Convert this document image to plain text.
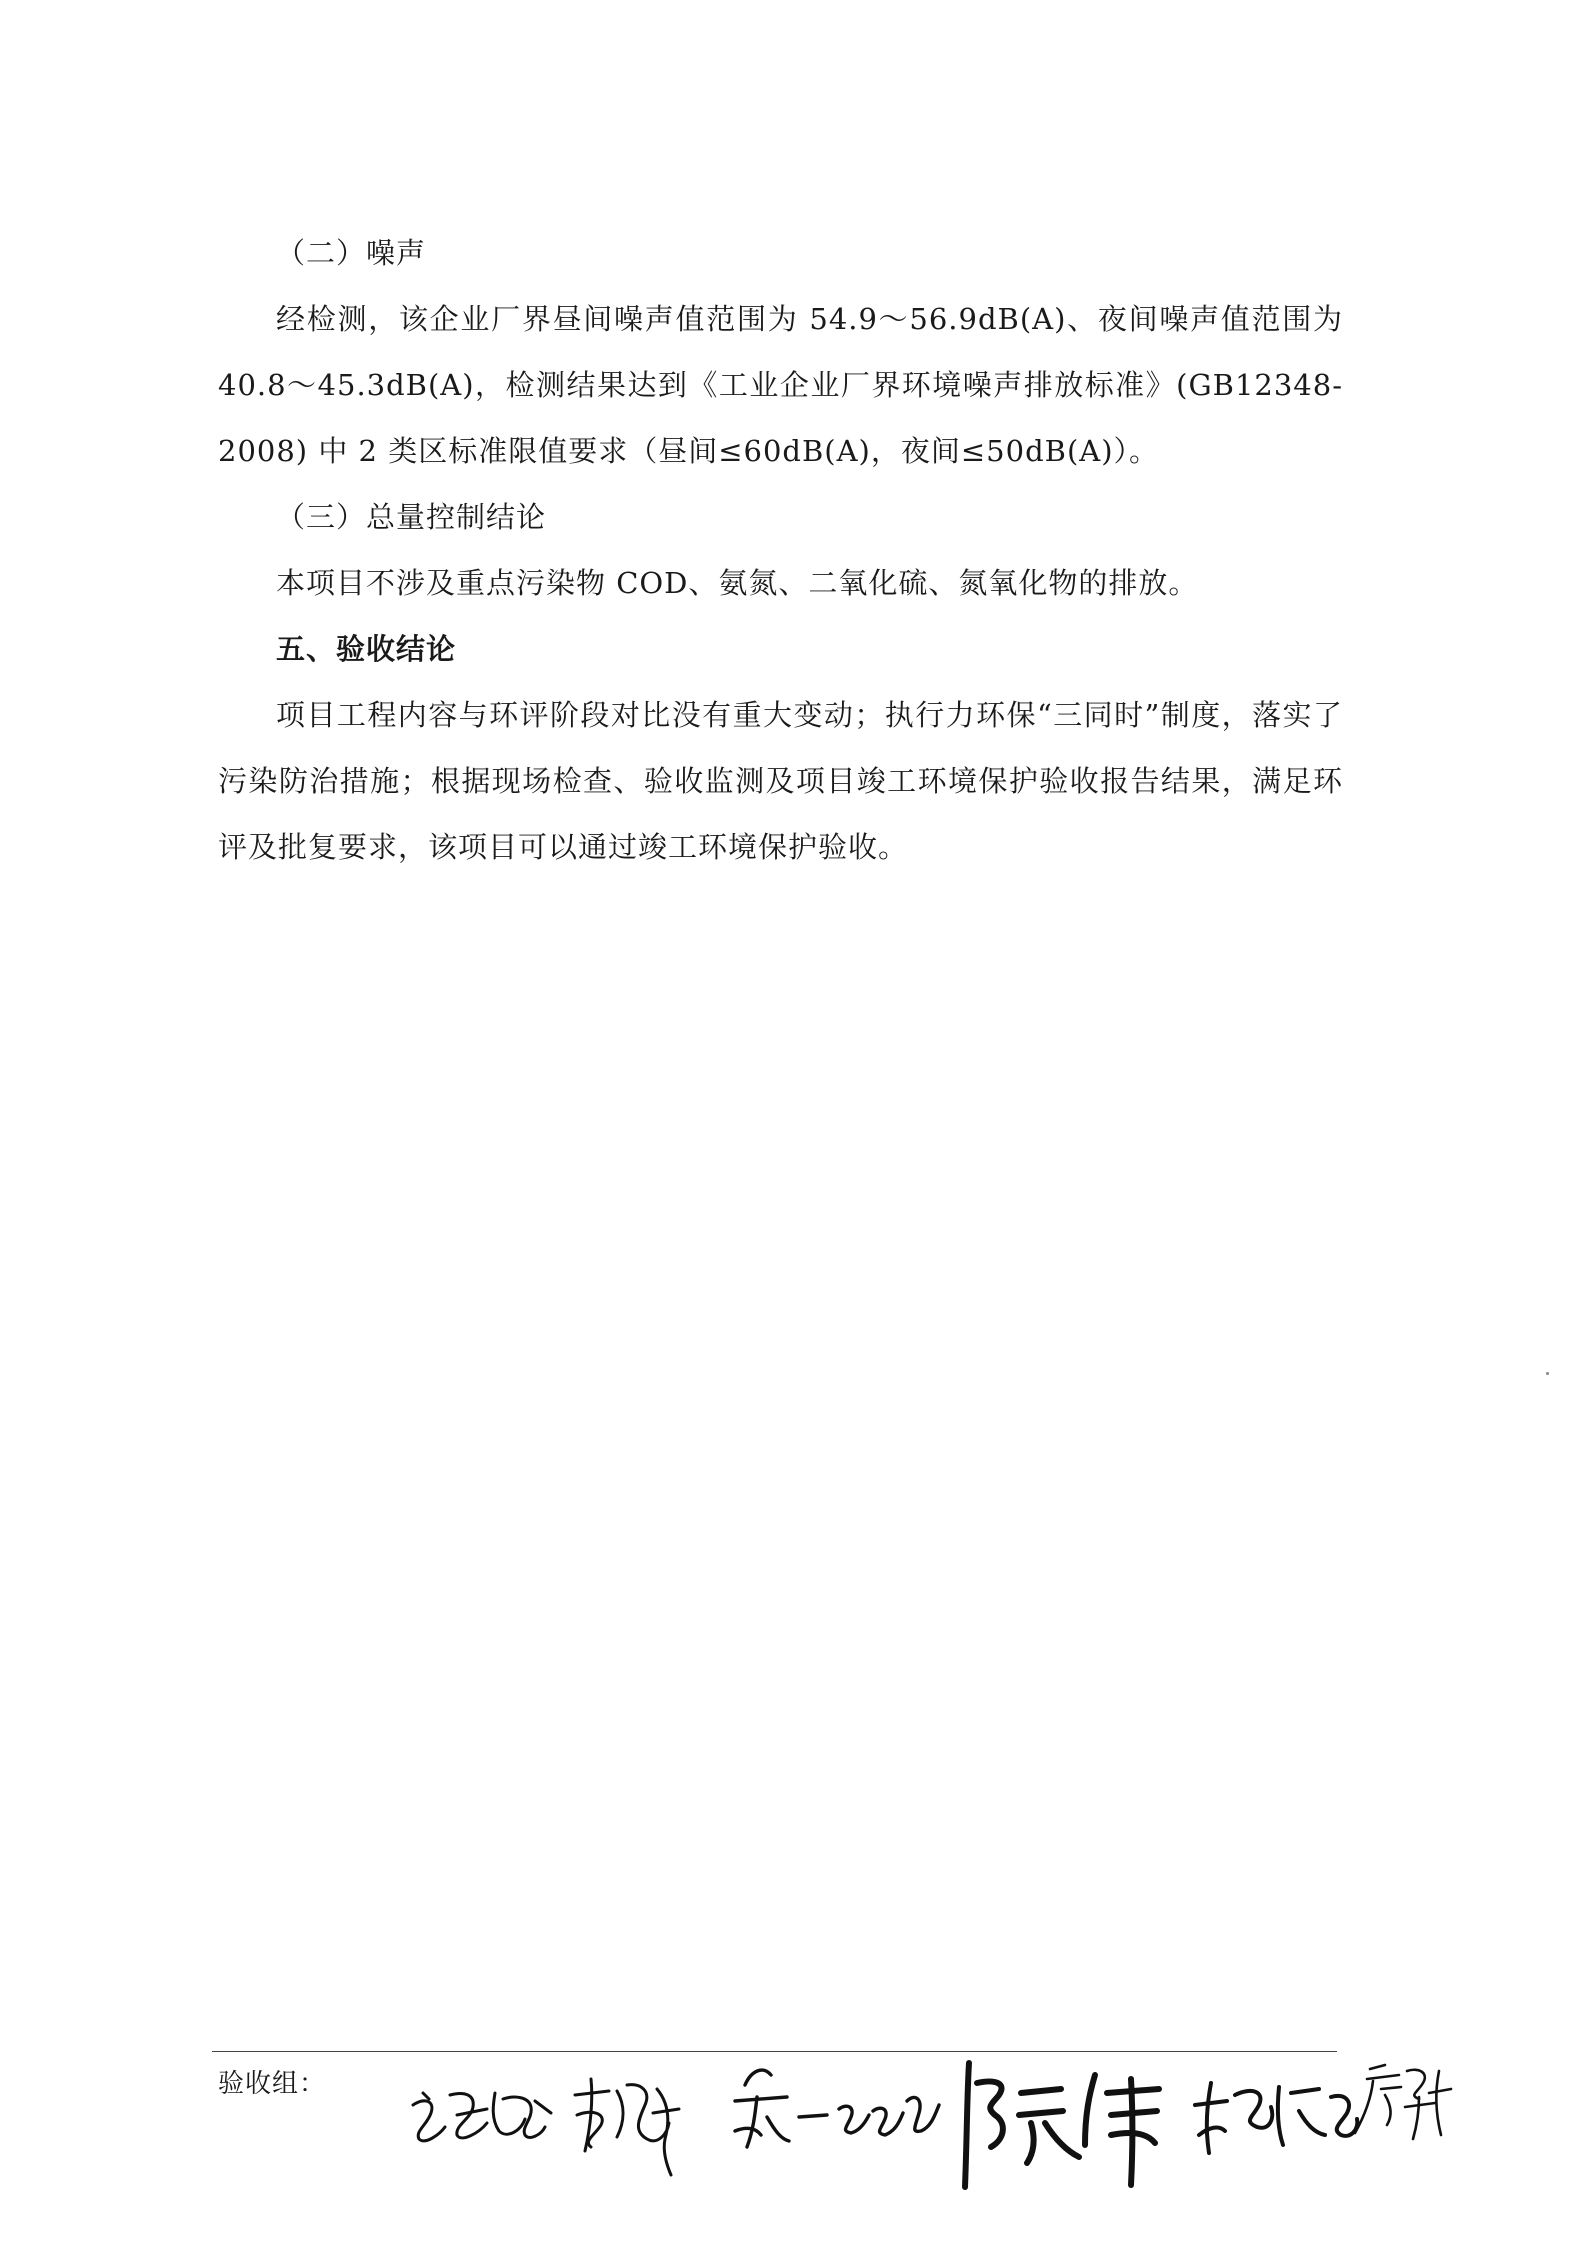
（二）噪声

经检测，该企业厂界昼间噪声值范围为 54.9～56.9dB(A)、夜间噪声值范围为 40.8～45.3dB(A)，检测结果达到《工业企业厂界环境噪声排放标准》(GB12348-2008) 中 2 类区标准限值要求（昼间≤60dB(A)，夜间≤50dB(A)）。

（三）总量控制结论

本项目不涉及重点污染物 COD、氨氮、二氧化硫、氮氧化物的排放。

五、验收结论

项目工程内容与环评阶段对比没有重大变动；执行力环保“三同时”制度，落实了污染防治措施；根据现场检查、验收监测及项目竣工环境保护验收报告结果，满足环评及批复要求，该项目可以通过竣工环境保护验收。

验收组：
